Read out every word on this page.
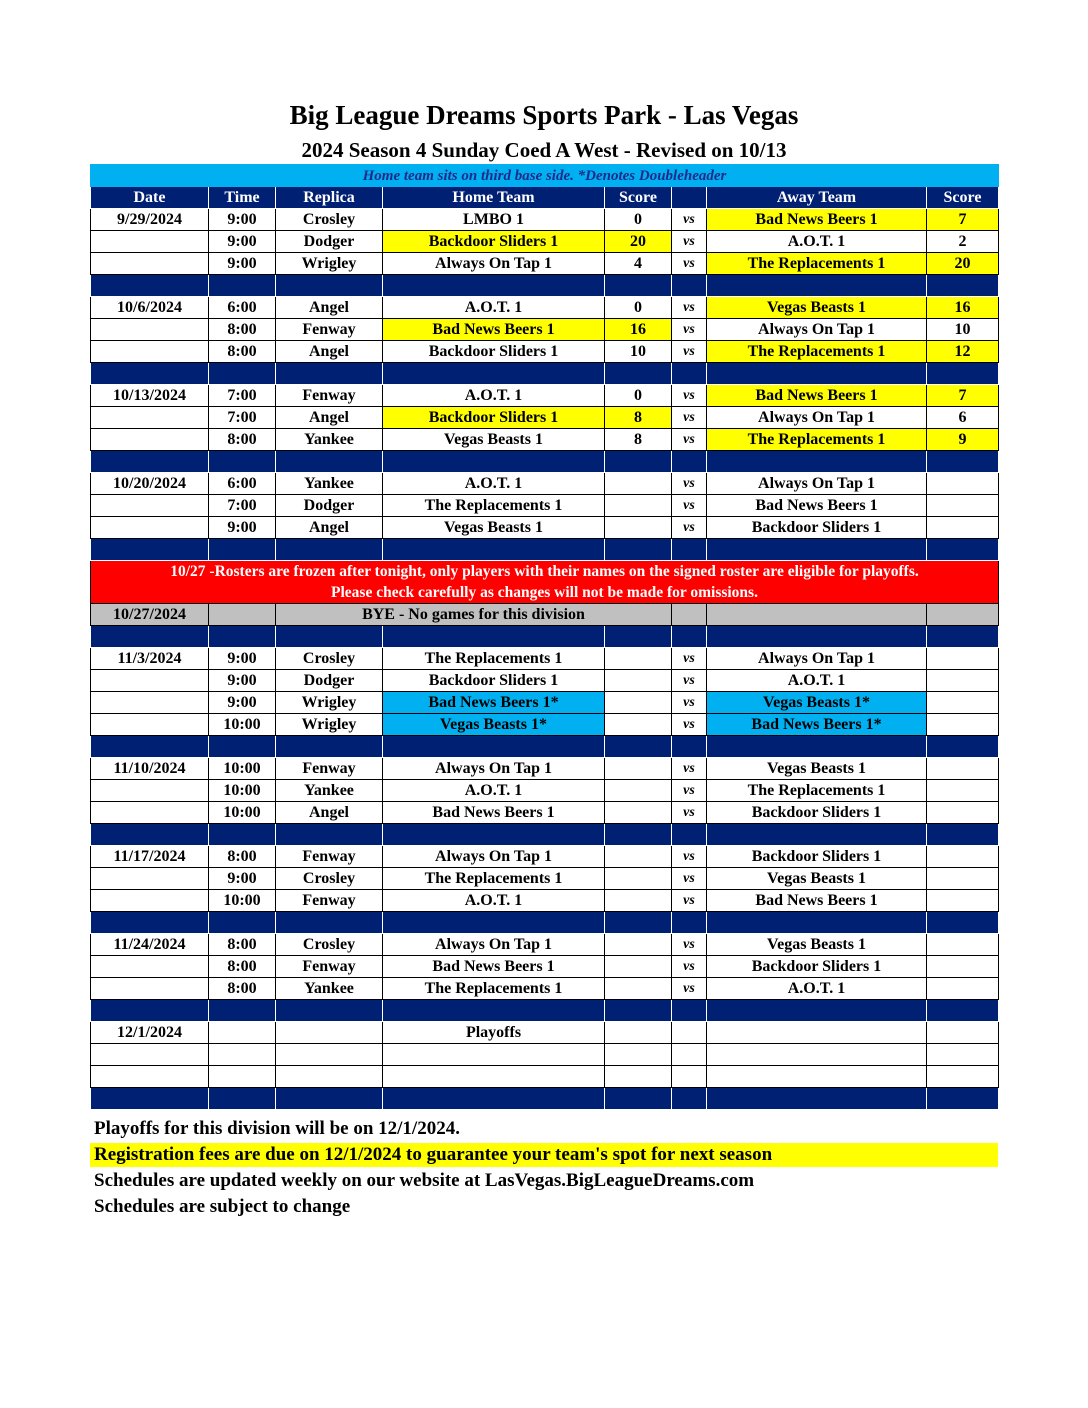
Big League Dreams Sports Park - Las Vegas
2024 Season 4 Sunday Coed A West - Revised on 10/13
Home team sits on third base side. *Denotes Doubleheader							
Date	Time	Replica	Home Team	Score		Away Team	Score
9/29/2024	9:00	Crosley	LMBO 1	0	vs	Bad News Beers 1	7
	9:00	Dodger	Backdoor Sliders 1	20	vs	A.O.T. 1	2
	9:00	Wrigley	Always On Tap 1	4	vs	The Replacements 1	20

10/6/2024	6:00	Angel	A.O.T. 1	0	vs	Vegas Beasts 1	16
	8:00	Fenway	Bad News Beers 1	16	vs	Always On Tap 1	10
	8:00	Angel	Backdoor Sliders 1	10	vs	The Replacements 1	12

10/13/2024	7:00	Fenway	A.O.T. 1	0	vs	Bad News Beers 1	7
	7:00	Angel	Backdoor Sliders 1	8	vs	Always On Tap 1	6
	8:00	Yankee	Vegas Beasts 1	8	vs	The Replacements 1	9

10/20/2024	6:00	Yankee	A.O.T. 1		vs	Always On Tap 1	
	7:00	Dodger	The Replacements 1		vs	Bad News Beers 1	
	9:00	Angel	Vegas Beasts 1		vs	Backdoor Sliders 1	

10/27 -Rosters are frozen after tonight, only players with their names on the signed roster are eligible for playoffs.
Please check carefully as changes will not be made for omissions.							

10/27/2024		BYE - No games for this division					

11/3/2024	9:00	Crosley	The Replacements 1		vs	Always On Tap 1	
	9:00	Dodger	Backdoor Sliders 1		vs	A.O.T. 1	
	9:00	Wrigley	Bad News Beers 1*		vs	Vegas Beasts 1*	
	10:00	Wrigley	Vegas Beasts 1*		vs	Bad News Beers 1*	

11/10/2024	10:00	Fenway	Always On Tap 1		vs	Vegas Beasts 1	
	10:00	Yankee	A.O.T. 1		vs	The Replacements 1	
	10:00	Angel	Bad News Beers 1		vs	Backdoor Sliders 1	

11/17/2024	8:00	Fenway	Always On Tap 1		vs	Backdoor Sliders 1	
	9:00	Crosley	The Replacements 1		vs	Vegas Beasts 1	
	10:00	Fenway	A.O.T. 1		vs	Bad News Beers 1	

11/24/2024	8:00	Crosley	Always On Tap 1		vs	Vegas Beasts 1	
	8:00	Fenway	Bad News Beers 1		vs	Backdoor Sliders 1	
	8:00	Yankee	The Replacements 1		vs	A.O.T. 1	

12/1/2024			Playoffs				

Playoffs for this division will be on 12/1/2024.
Registration fees are due on 12/1/2024 to guarantee your team's spot for next season
Schedules are updated weekly on our website at LasVegas.BigLeagueDreams.com
Schedules are subject to change
